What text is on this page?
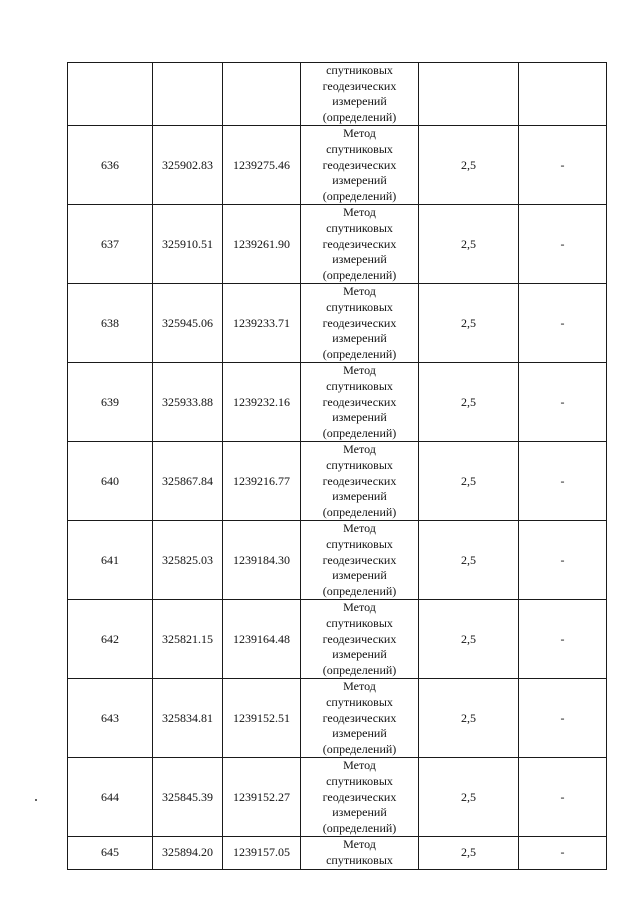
			спутниковых
геодезических
измерений
(определений)		

636	325902.83	1239275.46	Метод
спутниковых
геодезических
измерений
(определений)	2,5	-
637	325910.51	1239261.90	Метод
спутниковых
геодезических
измерений
(определений)	2,5	-
638	325945.06	1239233.71	Метод
спутниковых
геодезических
измерений
(определений)	2,5	-
639	325933.88	1239232.16	Метод
спутниковых
геодезических
измерений
(определений)	2,5	-
640	325867.84	1239216.77	Метод
спутниковых
геодезических
измерений
(определений)	2,5	-
641	325825.03	1239184.30	Метод
спутниковых
геодезических
измерений
(определений)	2,5	-
642	325821.15	1239164.48	Метод
спутниковых
геодезических
измерений
(определений)	2,5	-
643	325834.81	1239152.51	Метод
спутниковых
геодезических
измерений
(определений)	2,5	-
644	325845.39	1239152.27	Метод
спутниковых
геодезических
измерений
(определений)	2,5	-
645	325894.20	1239157.05	Метод
спутниковых	2,5	-
